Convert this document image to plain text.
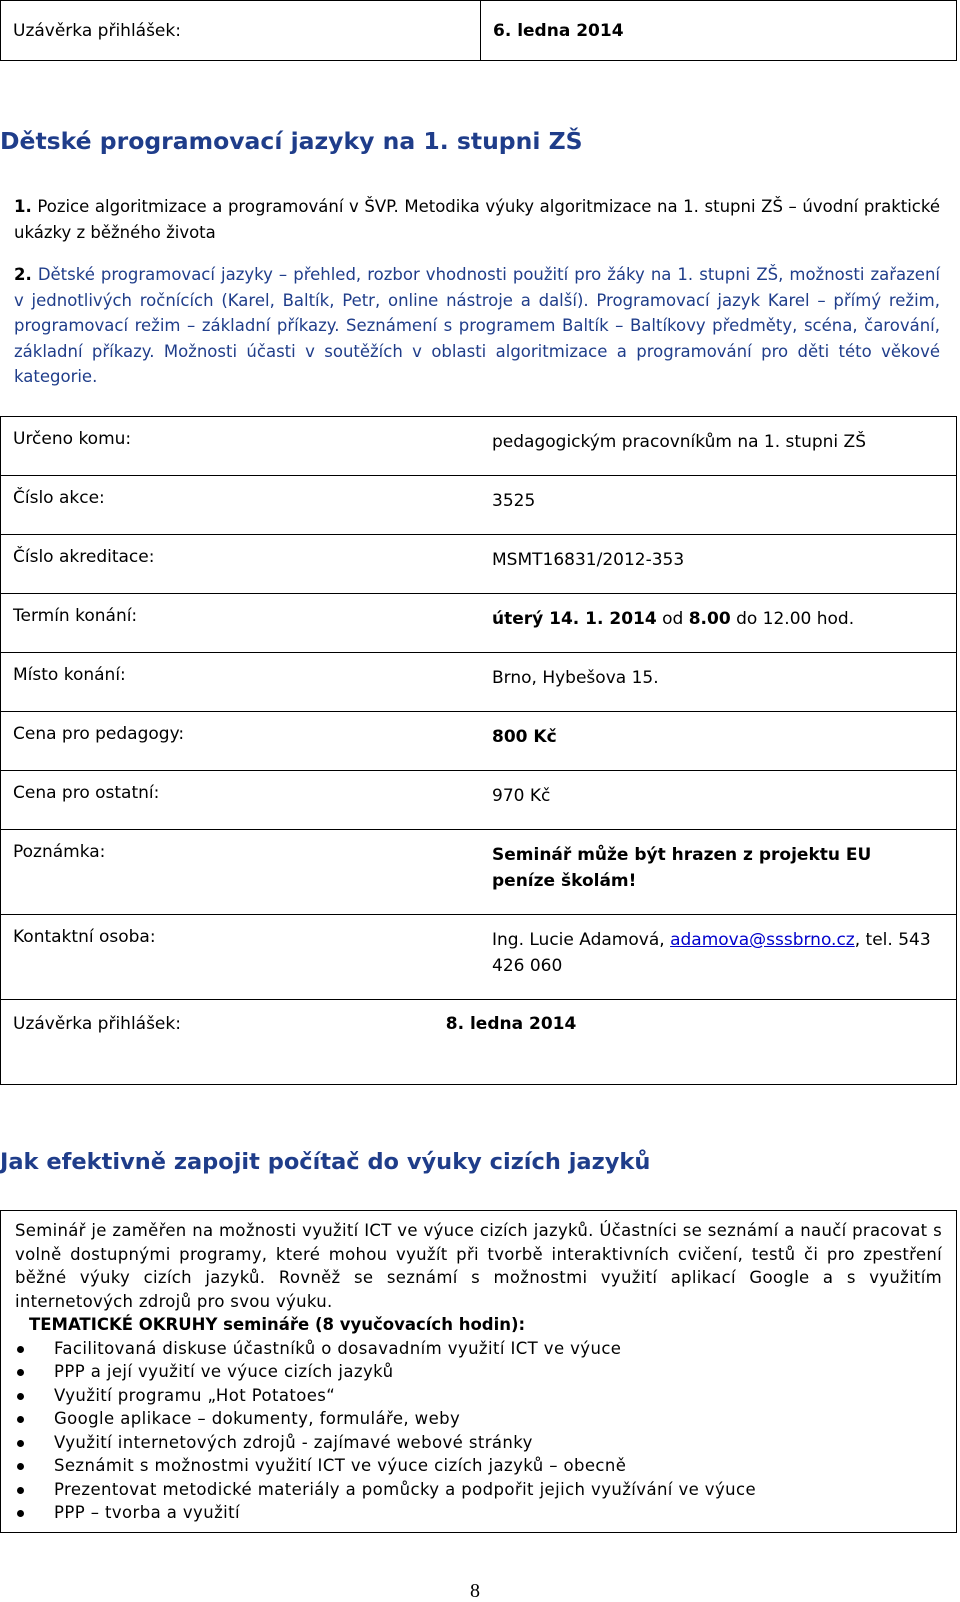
Uzávěrka přihlášek:	6. ledna 2014
Dětské programovací jazyky na 1. stupni ZŠ

1. Pozice algoritmizace a programování v ŠVP. Metodika výuky algoritmizace na 1. stupni ZŠ – úvodní praktické ukázky z běžného života

2. Dětské programovací jazyky – přehled, rozbor vhodnosti použití pro žáky na 1. stupni ZŠ, možnosti zařazení v jednotlivých ročnících (Karel, Baltík, Petr, online nástroje a další). Programovací jazyk Karel – přímý režim, programovací režim – základní příkazy. Seznámení s programem Baltík – Baltíkovy předměty, scéna, čarování, základní příkazy. Možnosti účasti v soutěžích v oblasti algoritmizace a programování pro děti této věkové kategorie.

Určeno komu:	pedagogickým pracovníkům na 1. stupni ZŠ
Číslo akce:	3525
Číslo akreditace:	MSMT16831/2012-353
Termín konání:	úterý 14. 1. 2014 od 8.00 do 12.00 hod.
Místo konání:	Brno, Hybešova 15.
Cena pro pedagogy:	800 Kč
Cena pro ostatní:	970 Kč
Poznámka:	Seminář může být hrazen z projektu EU peníze školám!
Kontaktní osoba:	Ing. Lucie Adamová, adamova@sssbrno.cz, tel. 543 426 060
Uzávěrka přihlášek:	8. ledna 2014
Jak efektivně zapojit počítač do výuky cizích jazyků
Seminář je zaměřen na možnosti využití ICT ve výuce cizích jazyků. Účastníci se seznámí a naučí pracovat s volně dostupnými programy, které mohou využít při tvorbě interaktivních cvičení, testů či pro zpestření běžné výuky cizích jazyků. Rovněž se seznámí s možnostmi využití aplikací Google a s využitím internetových zdrojů pro svou výuku.
TEMATICKÉ OKRUHY semináře (8 vyučovacích hodin):
Facilitovaná diskuse účastníků o dosavadním využití ICT ve výuce
PPP a její využití ve výuce cizích jazyků
Využití programu „Hot Potatoes“
Google aplikace – dokumenty, formuláře, weby
Využití internetových zdrojů - zajímavé webové stránky
Seznámit s možnostmi využití ICT ve výuce cizích jazyků – obecně
Prezentovat metodické materiály a pomůcky a podpořit jejich využívání ve výuce
PPP – tvorba a využití
8
